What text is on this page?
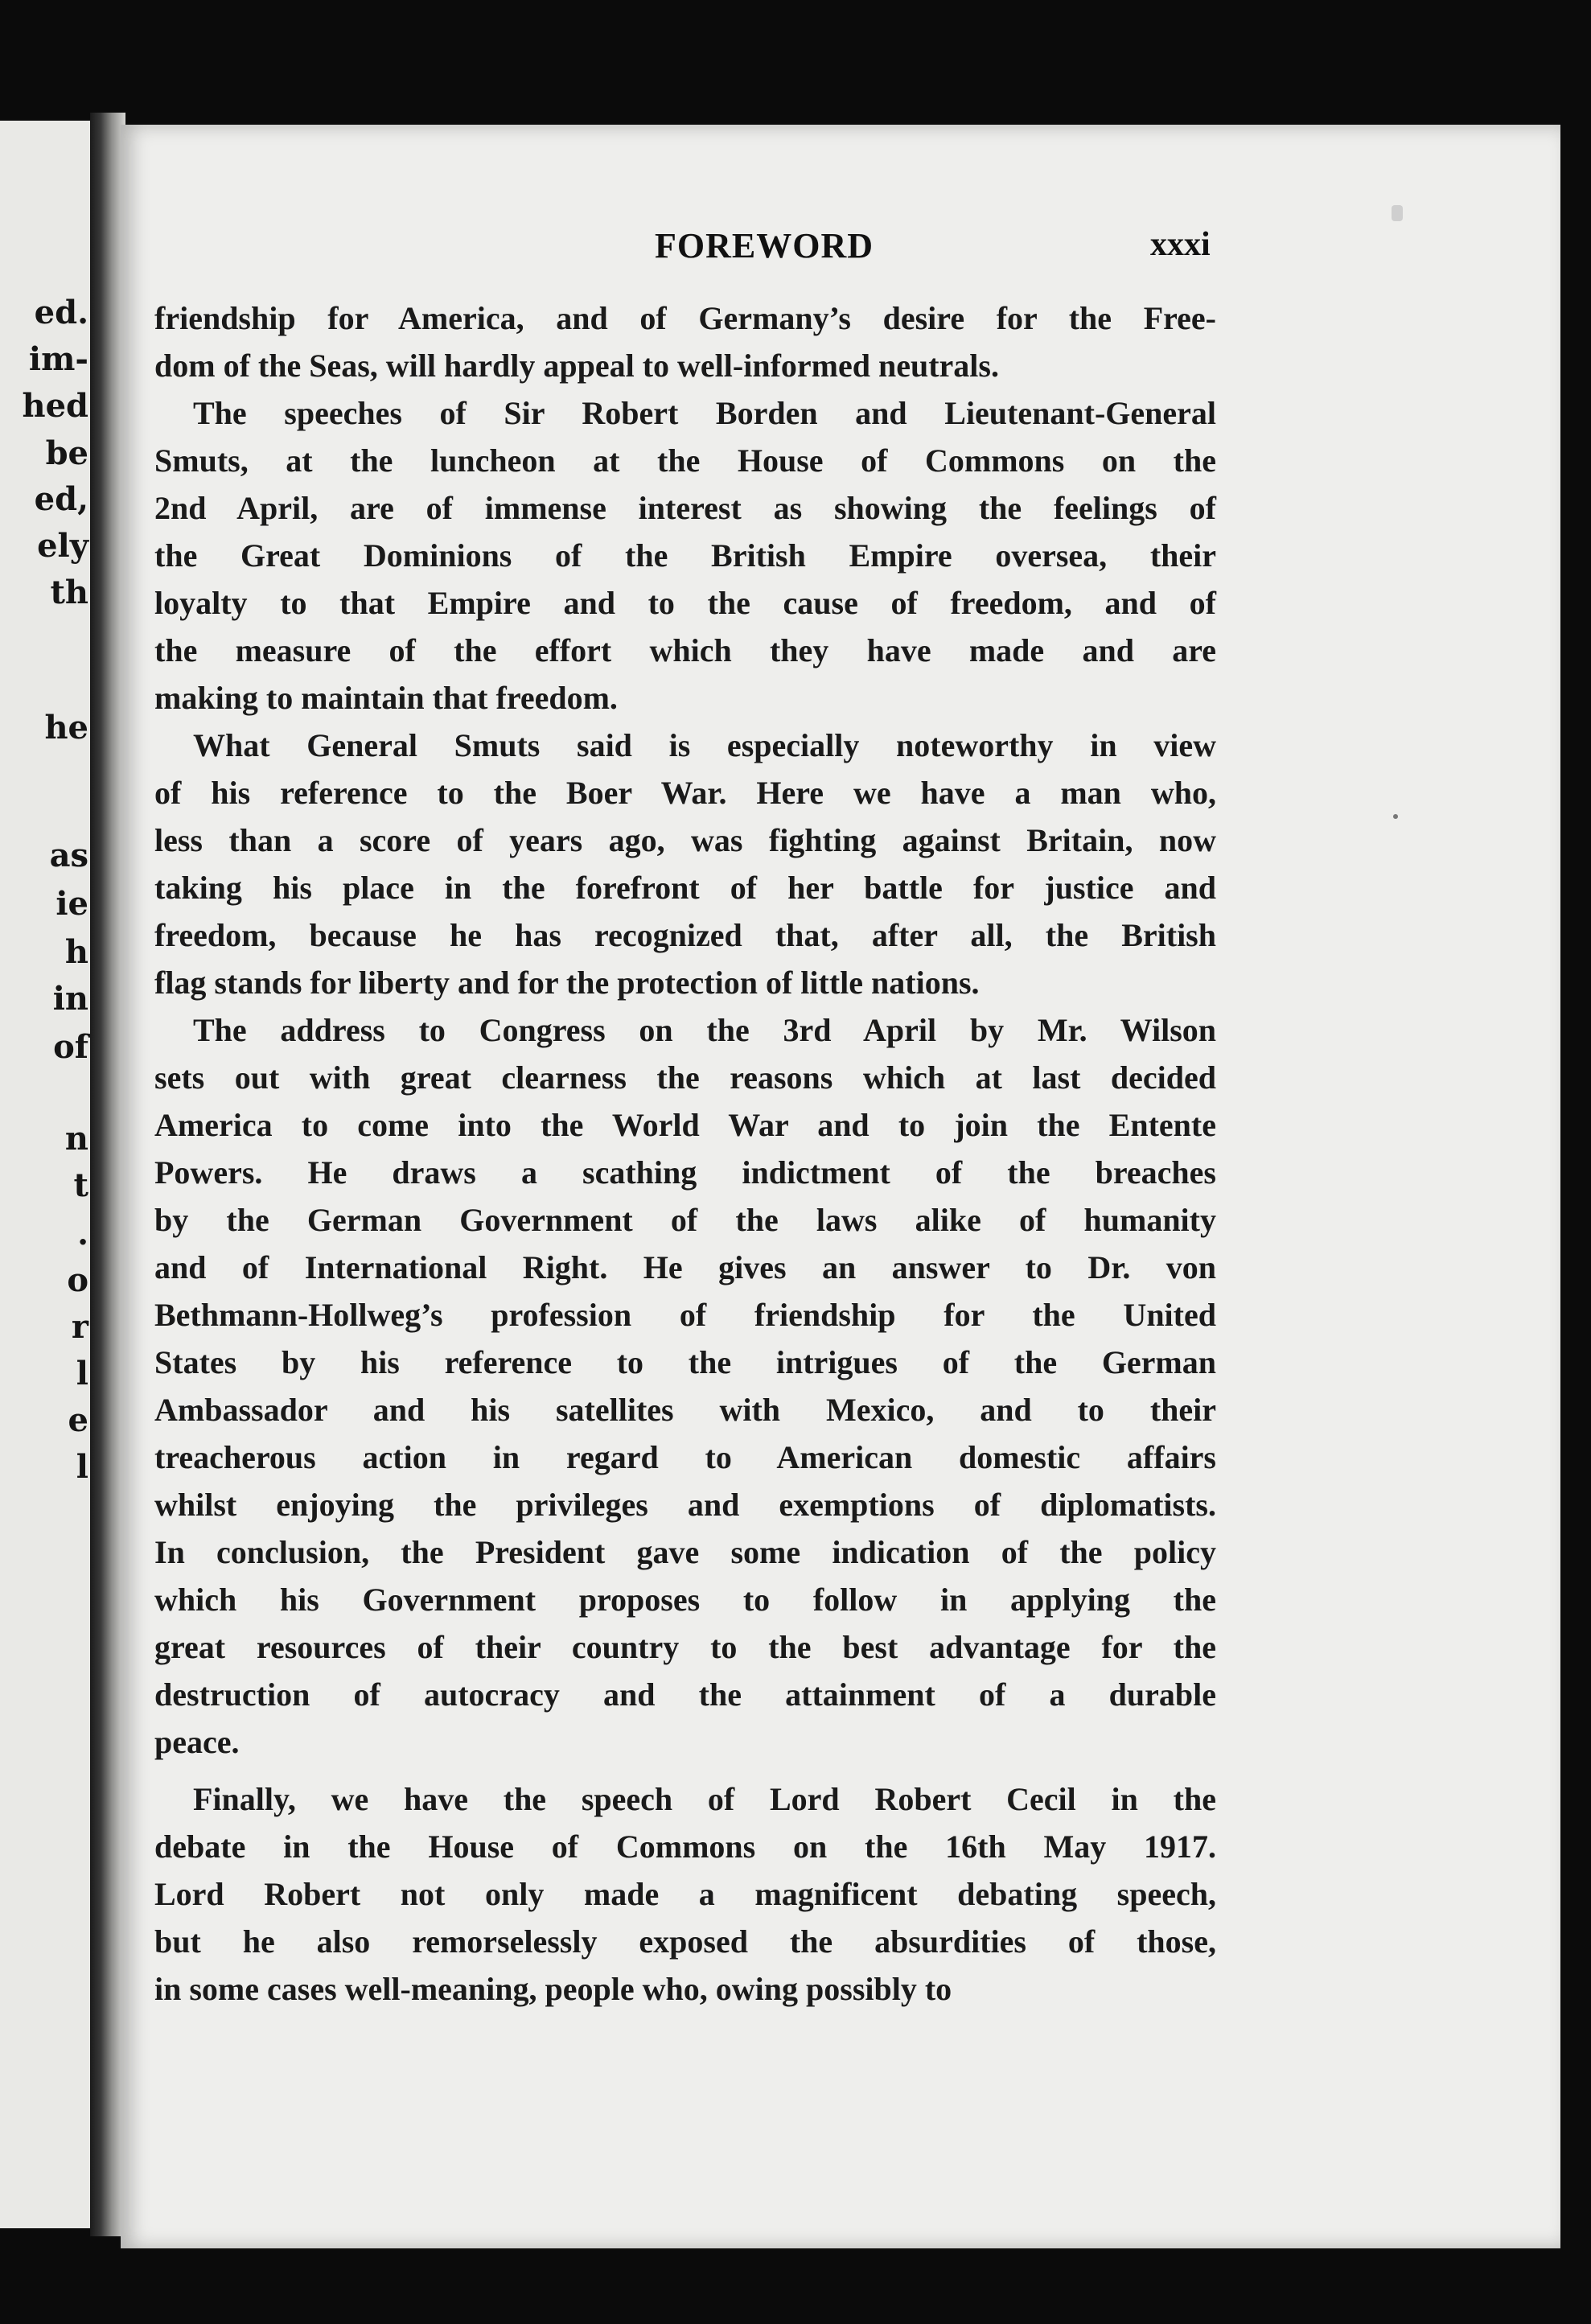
ed.
im-
hed
be
ed,
ely
th
he
as
ie
h
in
of
n
t
.
o
r
l
e
l
FOREWORD	xxxi
friendship for America, and of Germany’s desire for the Free-
dom of the Seas, will hardly appeal to well-informed neutrals.
The speeches of Sir Robert Borden and Lieutenant-General
Smuts, at the luncheon at the House of Commons on the
2nd April, are of immense interest as showing the feelings of
the Great Dominions of the British Empire oversea, their
loyalty to that Empire and to the cause of freedom, and of
the measure of the effort which they have made and are
making to maintain that freedom.
What General Smuts said is especially noteworthy in view
of his reference to the Boer War. Here we have a man who,
less than a score of years ago, was fighting against Britain, now
taking his place in the forefront of her battle for justice and
freedom, because he has recognized that, after all, the British
flag stands for liberty and for the protection of little nations.
The address to Congress on the 3rd April by Mr. Wilson
sets out with great clearness the reasons which at last decided
America to come into the World War and to join the Entente
Powers. He draws a scathing indictment of the breaches
by the German Government of the laws alike of humanity
and of International Right. He gives an answer to Dr. von
Bethmann-Hollweg’s profession of friendship for the United
States by his reference to the intrigues of the German
Ambassador and his satellites with Mexico, and to their
treacherous action in regard to American domestic affairs
whilst enjoying the privileges and exemptions of diplomatists.
In conclusion, the President gave some indication of the policy
which his Government proposes to follow in applying the
great resources of their country to the best advantage for the
destruction of autocracy and the attainment of a durable
peace.
Finally, we have the speech of Lord Robert Cecil in the
debate in the House of Commons on the 16th May 1917.
Lord Robert not only made a magnificent debating speech,
but he also remorselessly exposed the absurdities of those,
in some cases well-meaning, people who, owing possibly to
